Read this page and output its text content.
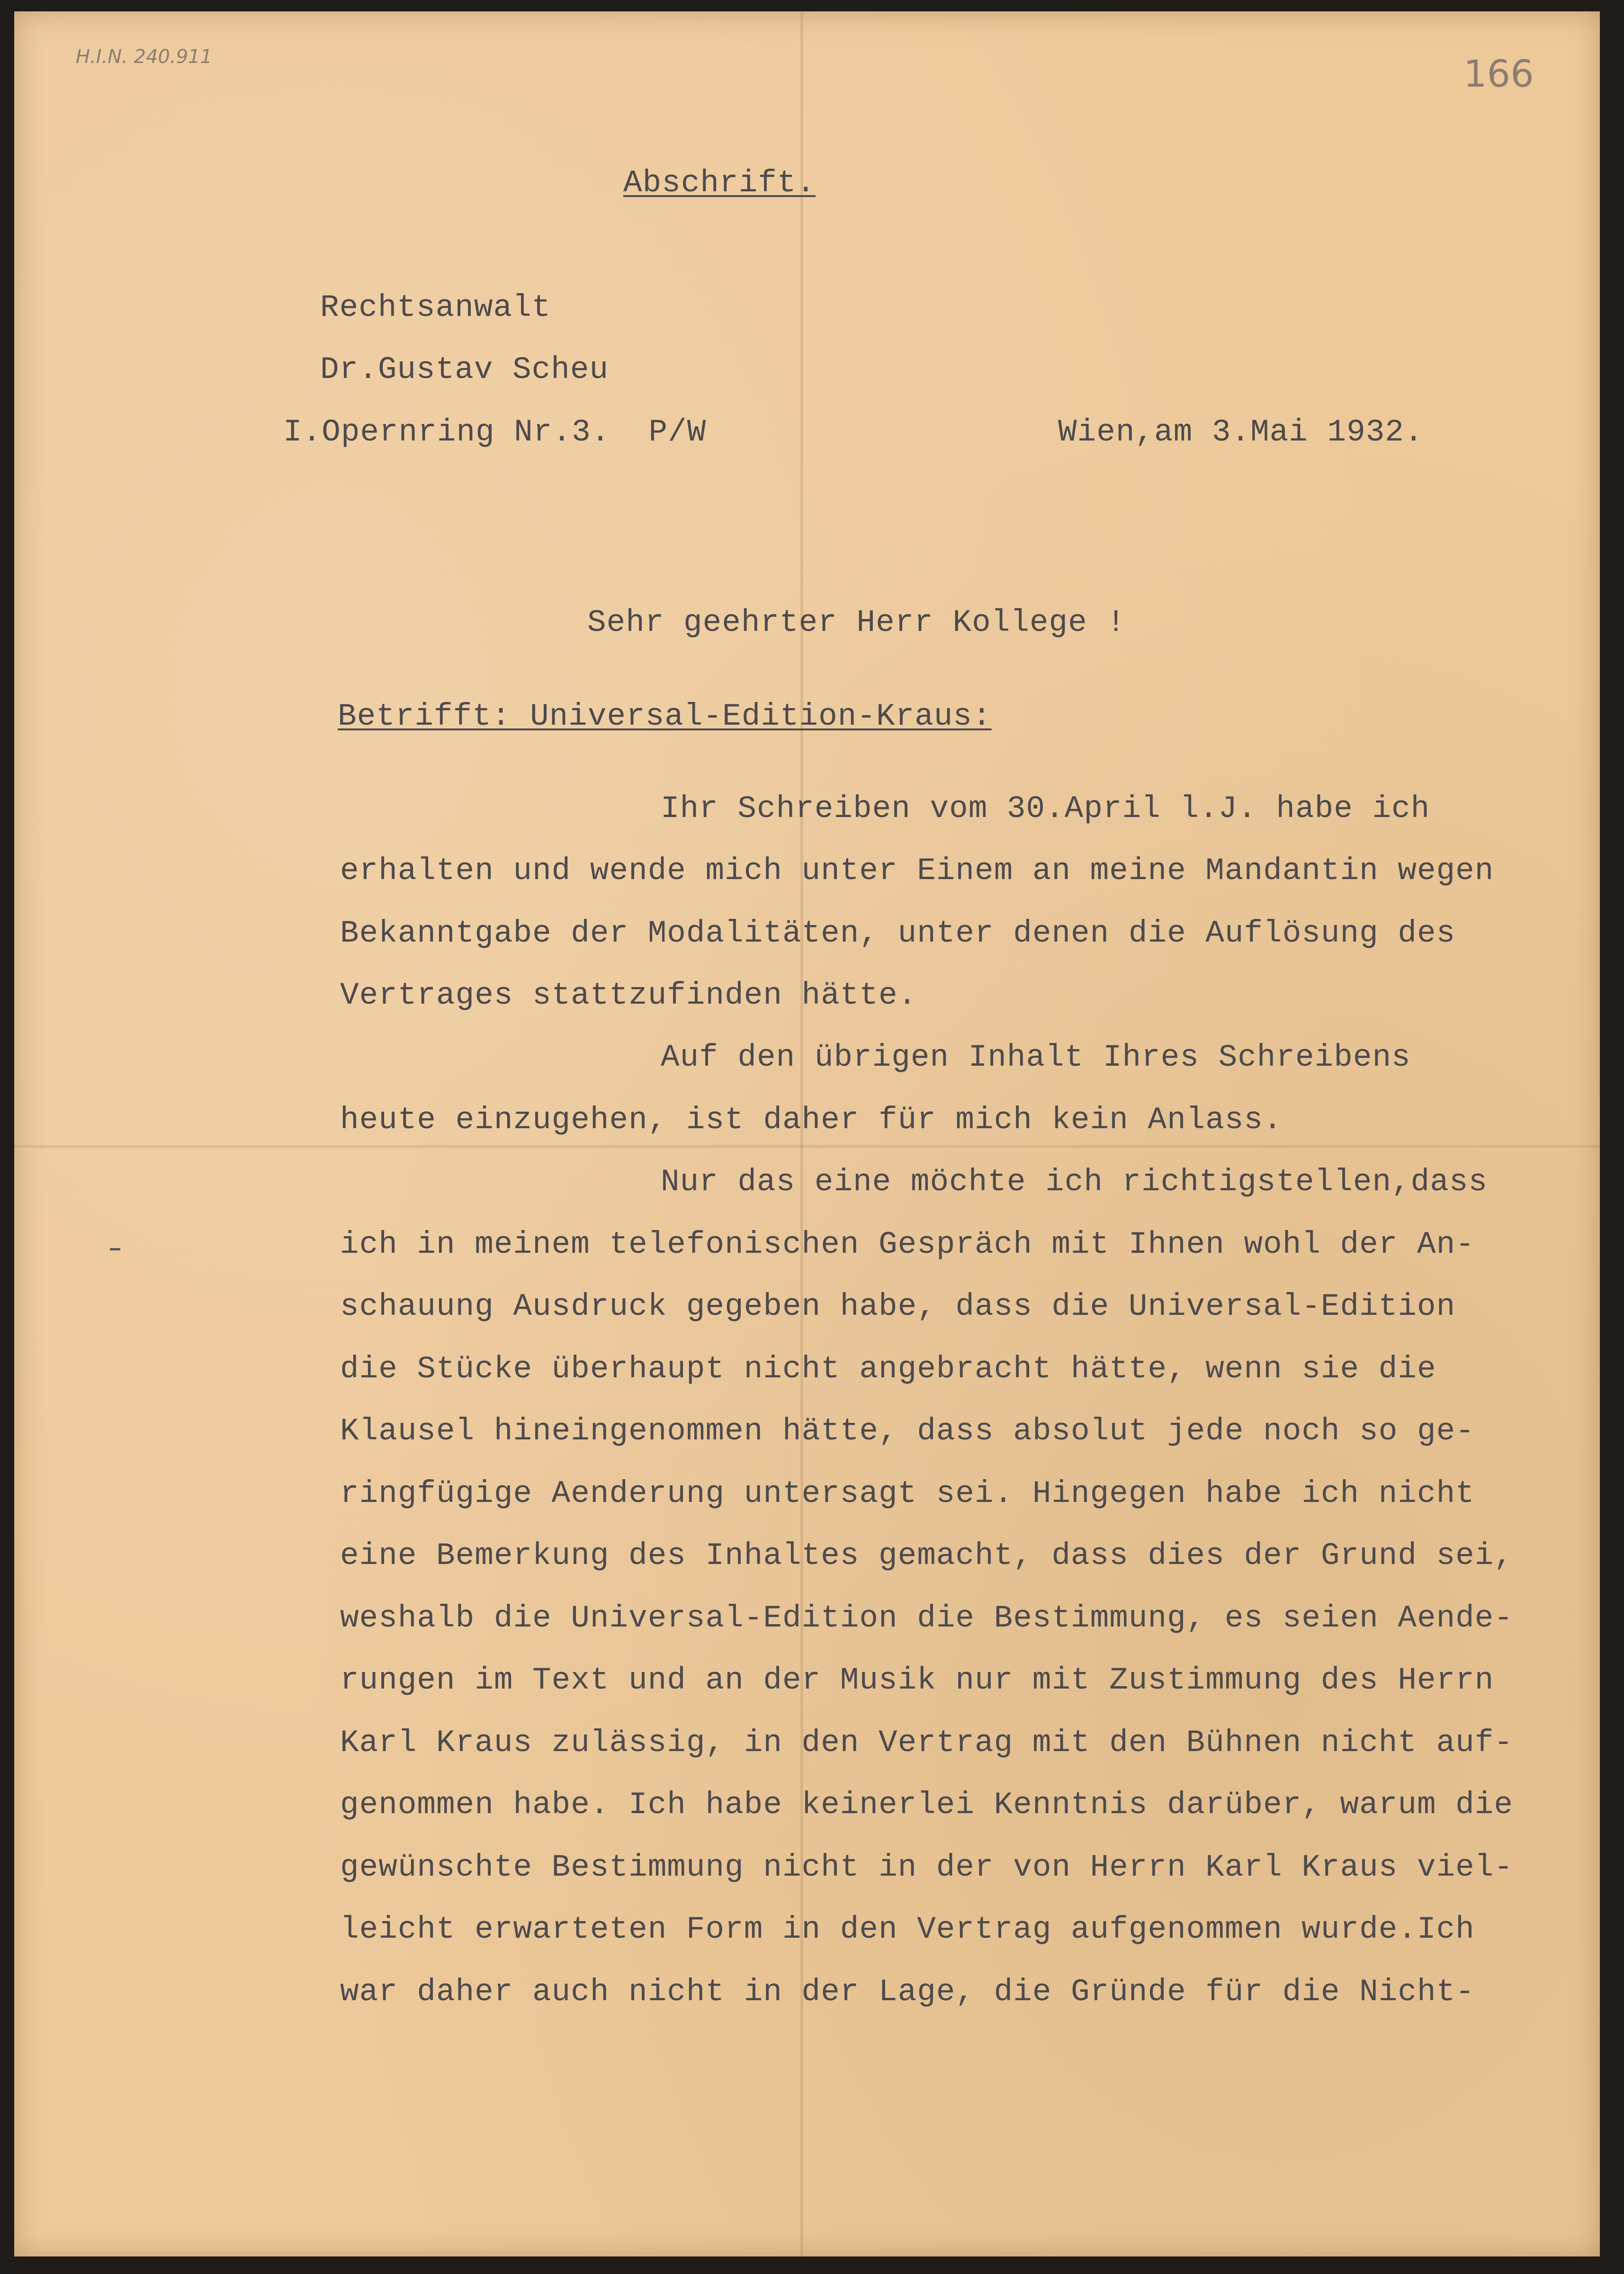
H.I.N. 240.911	166
Abschrift.
Rechtsanwalt
Dr.Gustav Scheu
I.Opernring Nr.3.  P/W	Wien,am 3.Mai 1932.
Sehr geehrter Herr Kollege !
Betrifft: Universal-Edition-Kraus:
Ihr Schreiben vom 30.April l.J. habe ich
erhalten und wende mich unter Einem an meine Mandantin wegen
Bekanntgabe der Modalitäten, unter denen die Auflösung des
Vertrages stattzufinden hätte.
Auf den übrigen Inhalt Ihres Schreibens
heute einzugehen, ist daher für mich kein Anlass.
Nur das eine möchte ich richtigstellen,dass
ich in meinem telefonischen Gespräch mit Ihnen wohl der An-
schauung Ausdruck gegeben habe, dass die Universal-Edition
die Stücke überhaupt nicht angebracht hätte, wenn sie die
Klausel hineingenommen hätte, dass absolut jede noch so ge-
ringfügige Aenderung untersagt sei. Hingegen habe ich nicht
eine Bemerkung des Inhaltes gemacht, dass dies der Grund sei,
weshalb die Universal-Edition die Bestimmung, es seien Aende-
rungen im Text und an der Musik nur mit Zustimmung des Herrn
Karl Kraus zulässig, in den Vertrag mit den Bühnen nicht auf-
genommen habe. Ich habe keinerlei Kenntnis darüber, warum die
gewünschte Bestimmung nicht in der von Herrn Karl Kraus viel-
leicht erwarteten Form in den Vertrag aufgenommen wurde.Ich
war daher auch nicht in der Lage, die Gründe für die Nicht-
